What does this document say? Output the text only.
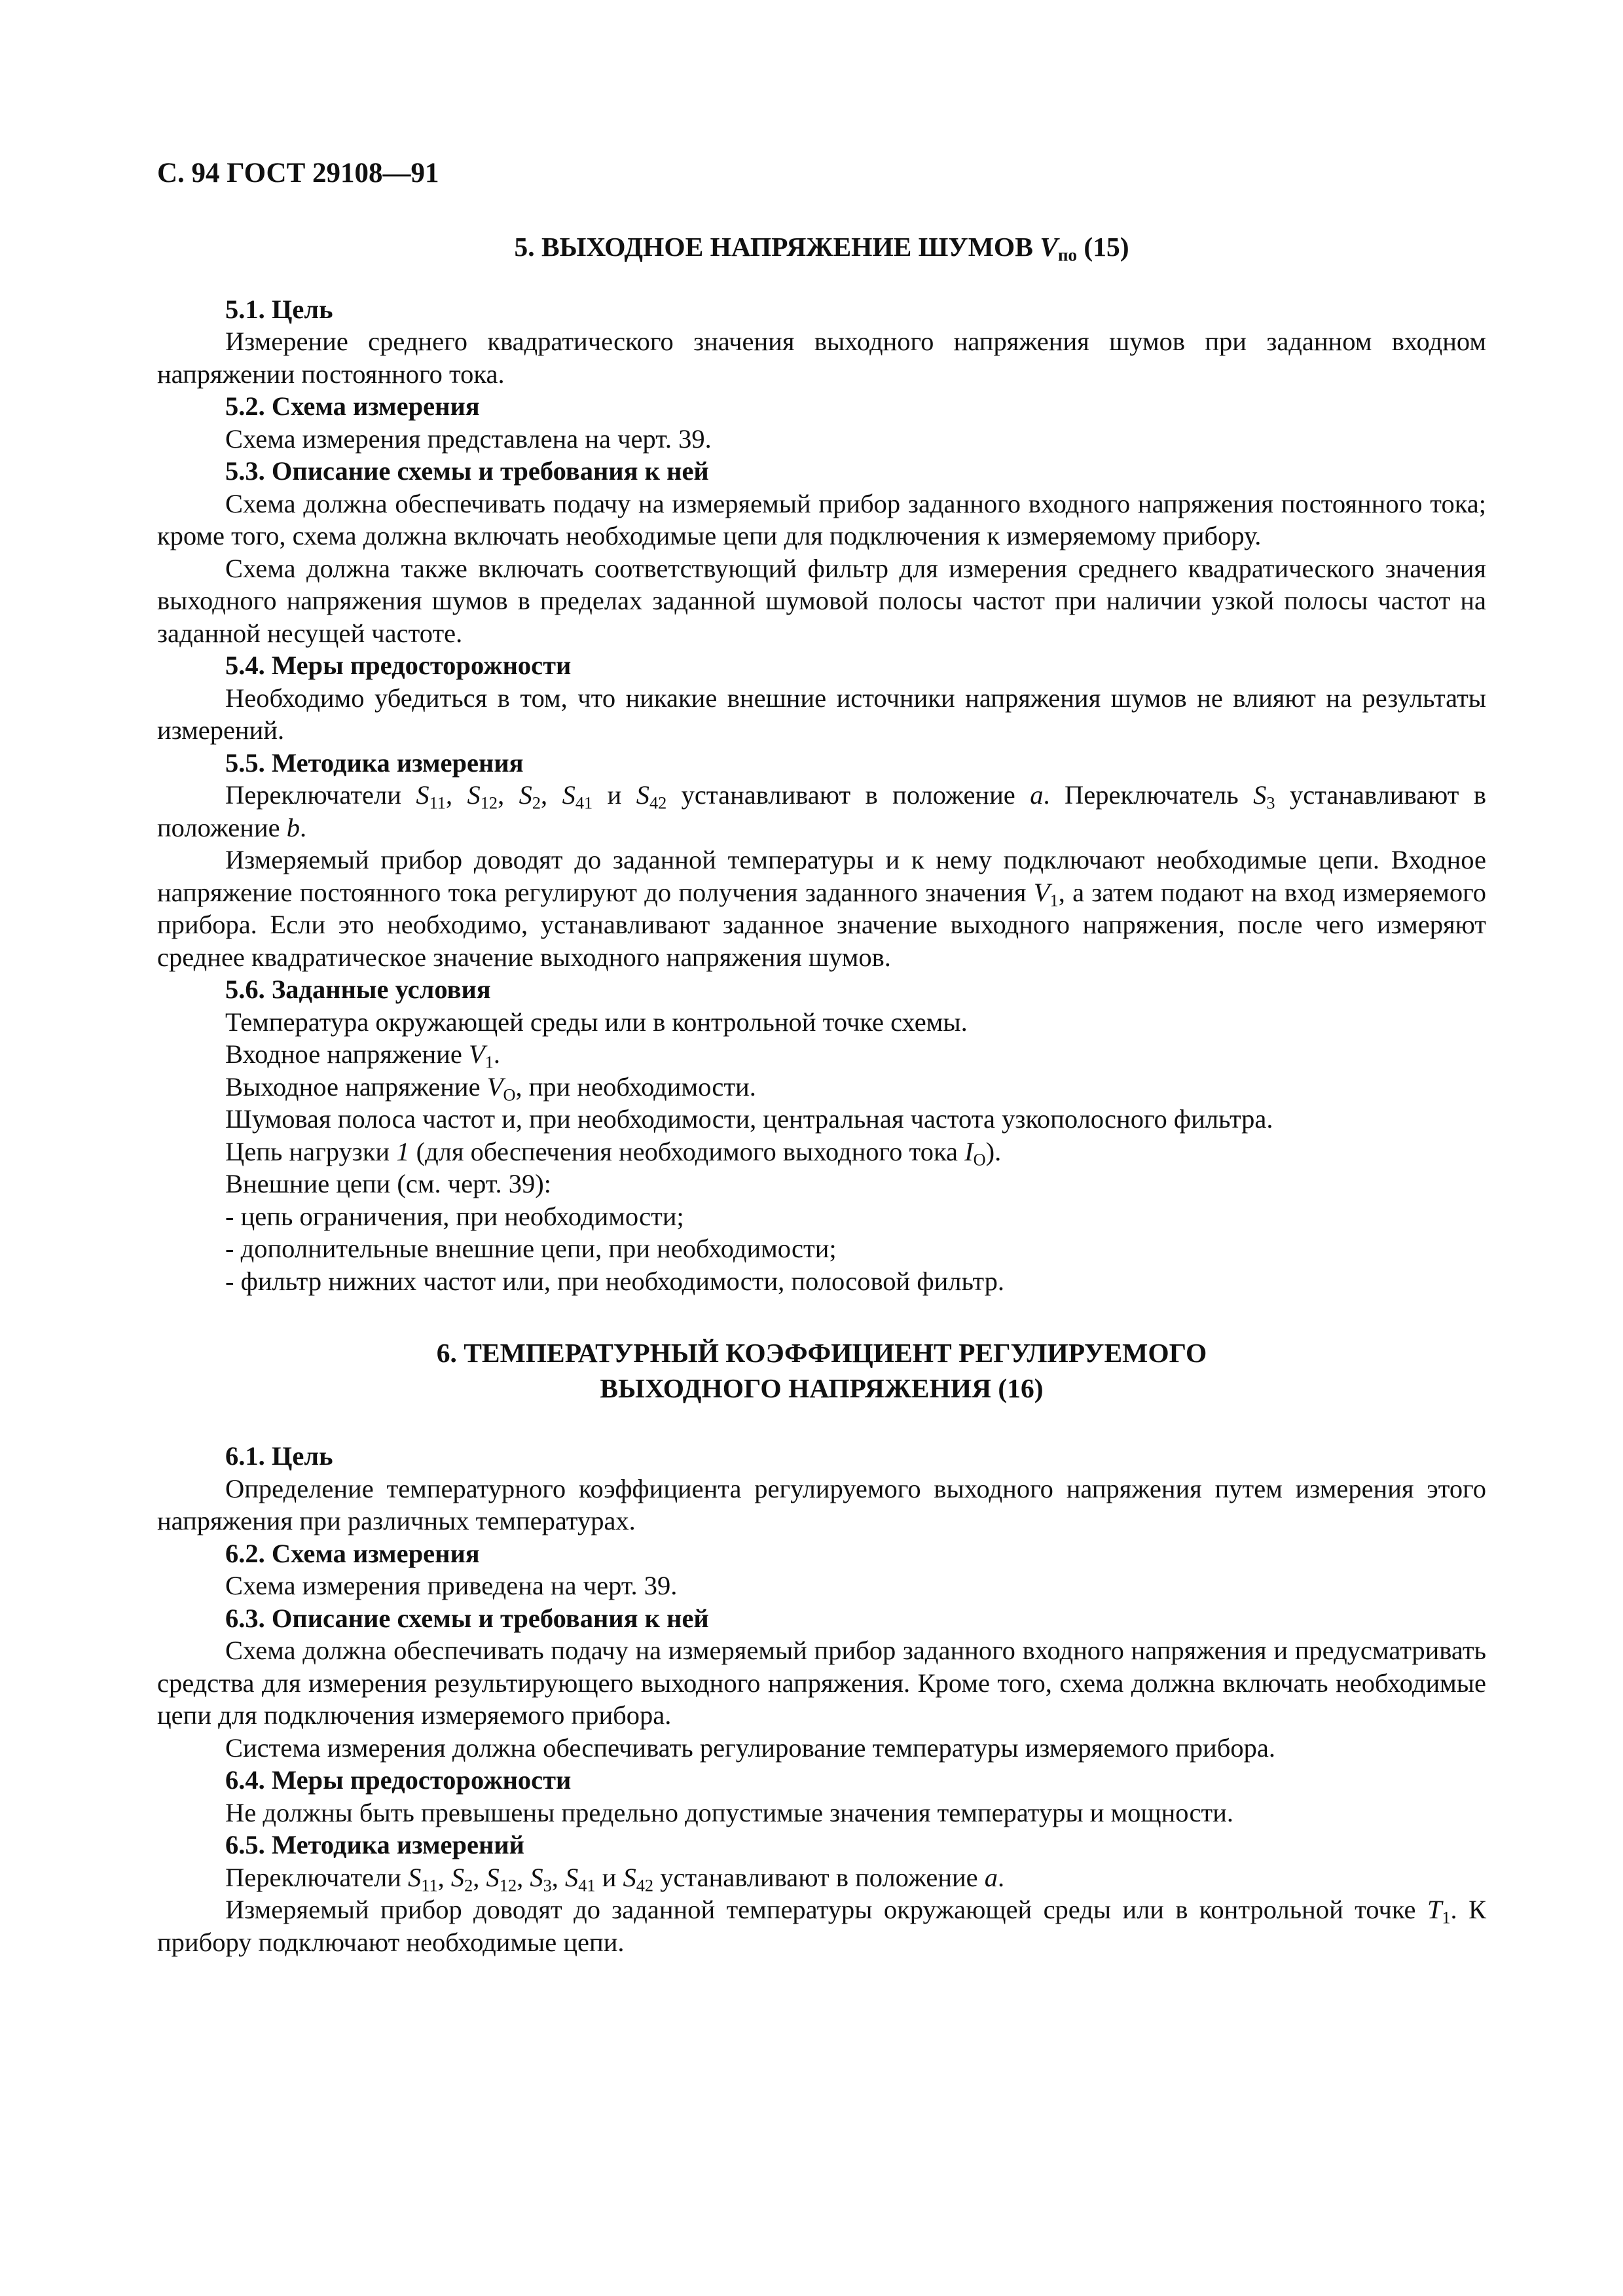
С. 94 ГОСТ 29108—91
5. ВЫХОДНОЕ НАПРЯЖЕНИЕ ШУМОВ $V_{по}$ (15)
5.1. Цель

Измерение среднего квадратического значения выходного напряжения шумов при заданном входном напряжении постоянного тока.

5.2. Схема измерения

Схема измерения представлена на черт. 39.

5.3. Описание схемы и требования к ней

Схема должна обеспечивать подачу на измеряемый прибор заданного входного напряжения постоянного тока; кроме того, схема должна включать необходимые цепи для подключения к измеряемому прибору.

Схема должна также включать соответствующий фильтр для измерения среднего квадратического значения выходного напряжения шумов в пределах заданной шумовой полосы частот при наличии узкой полосы частот на заданной несущей частоте.

5.4. Меры предосторожности

Необходимо убедиться в том, что никакие внешние источники напряжения шумов не влияют на результаты измерений.

5.5. Методика измерения

Переключатели $S_{11}$, $S_{12}$, $S_2$, $S_{41}$ и $S_{42}$ устанавливают в положение a. Переключатель $S_3$ устанавливают в положение b.

Измеряемый прибор доводят до заданной температуры и к нему подключают необходимые цепи. Входное напряжение постоянного тока регулируют до получения заданного значения $V_1$, а затем подают на вход измеряемого прибора. Если это необходимо, устанавливают заданное значение выходного напряжения, после чего измеряют среднее квадратическое значение выходного напряжения шумов.

5.6. Заданные условия

Температура окружающей среды или в контрольной точке схемы.

Входное напряжение $V_1$.

Выходное напряжение $V_O$, при необходимости.

Шумовая полоса частот и, при необходимости, центральная частота узкополосного фильтра.

Цепь нагрузки 1 (для обеспечения необходимого выходного тока $I_O$).

Внешние цепи (см. черт. 39):

- цепь ограничения, при необходимости;

- дополнительные внешние цепи, при необходимости;

- фильтр нижних частот или, при необходимости, полосовой фильтр.

6. ТЕМПЕРАТУРНЫЙ КОЭФФИЦИЕНТ РЕГУЛИРУЕМОГО
ВЫХОДНОГО НАПРЯЖЕНИЯ (16)
6.1. Цель

Определение температурного коэффициента регулируемого выходного напряжения путем измерения этого напряжения при различных температурах.

6.2. Схема измерения

Схема измерения приведена на черт. 39.

6.3. Описание схемы и требования к ней

Схема должна обеспечивать подачу на измеряемый прибор заданного входного напряжения и предусматривать средства для измерения результирующего выходного напряжения. Кроме того, схема должна включать необходимые цепи для подключения измеряемого прибора.

Система измерения должна обеспечивать регулирование температуры измеряемого прибора.

6.4. Меры предосторожности

Не должны быть превышены предельно допустимые значения температуры и мощности.

6.5. Методика измерений

Переключатели $S_{11}$, $S_2$, $S_{12}$, $S_3$, $S_{41}$ и $S_{42}$ устанавливают в положение a.

Измеряемый прибор доводят до заданной температуры окружающей среды или в контрольной точке $T_1$. К прибору подключают необходимые цепи.
